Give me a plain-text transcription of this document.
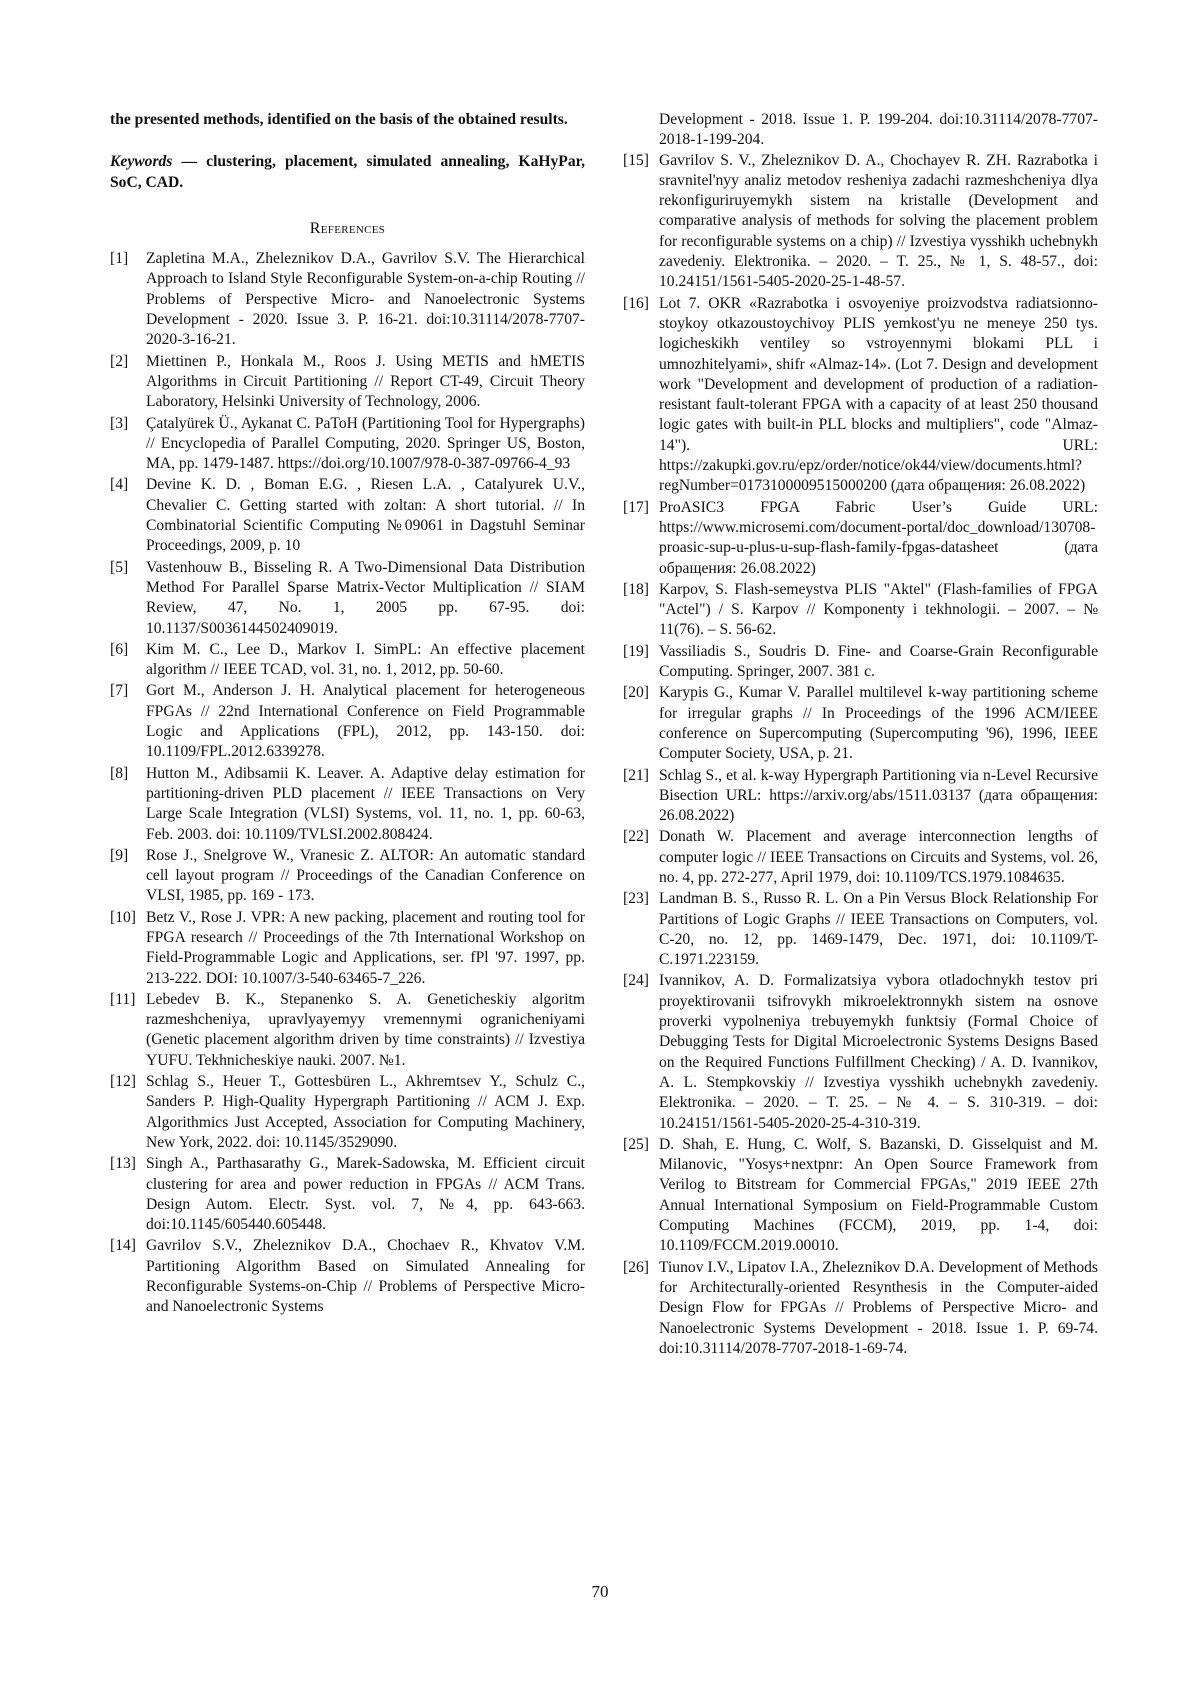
the presented methods, identified on the basis of the obtained results.

Keywords — clustering, placement, simulated annealing, KaHyPar, SoC, CAD.

References
[1]	Zapletina M.A., Zheleznikov D.A., Gavrilov S.V. The Hierarchical Approach to Island Style Reconfigurable System-on-a-chip Routing // Problems of Perspective Micro- and Nanoelectronic Systems Development - 2020. Issue 3. P. 16-21. doi:10.31114/2078-7707-2020-3-16-21.
[2]	Miettinen P., Honkala M., Roos J. Using METIS and hMETIS Algorithms in Circuit Partitioning // Report CT-49, Circuit Theory Laboratory, Helsinki University of Technology, 2006.
[3]	Çatalyürek Ü., Aykanat C. PaToH (Partitioning Tool for Hypergraphs) // Encyclopedia of Parallel Computing, 2020. Springer US, Boston, MA, pp. 1479-1487. https://doi.org/10.1007/978-0-387-09766-4_93
[4]	Devine K. D. , Boman E.G. , Riesen L.A. , Catalyurek U.V., Chevalier C. Getting started with zoltan: A short tutorial. // In Combinatorial Scientific Computing №09061 in Dagstuhl Seminar Proceedings, 2009, p. 10
[5]	Vastenhouw B., Bisseling R. A Two-Dimensional Data Distribution Method For Parallel Sparse Matrix-Vector Multiplication // SIAM Review, 47, No. 1, 2005 pp. 67-95. doi: 10.1137/S0036144502409019.
[6]	Kim M. C., Lee D., Markov I. SimPL: An effective placement algorithm // IEEE TCAD, vol. 31, no. 1, 2012, pp. 50-60.
[7]	Gort M., Anderson J. H. Analytical placement for heterogeneous FPGAs // 22nd International Conference on Field Programmable Logic and Applications (FPL), 2012, pp. 143-150. doi: 10.1109/FPL.2012.6339278.
[8]	Hutton M., Adibsamii K. Leaver. A. Adaptive delay estimation for partitioning-driven PLD placement // IEEE Transactions on Very Large Scale Integration (VLSI) Systems, vol. 11, no. 1, pp. 60-63, Feb. 2003. doi: 10.1109/TVLSI.2002.808424.
[9]	Rose J., Snelgrove W., Vranesic Z. ALTOR: An automatic standard cell layout program // Proceedings of the Canadian Conference on VLSI, 1985, pp. 169 - 173.
[10] Betz V., Rose J. VPR: A new packing, placement and routing tool for FPGA research // Proceedings of the 7th International Workshop on Field-Programmable Logic and Applications, ser. fPl '97. 1997, pp. 213-222. DOI: 10.1007/3-540-63465-7_226.
[11] Lebedev B. K., Stepanenko S. A. Geneticheskiy algoritm razmeshcheniya, upravlyayemyy vremennymi ogranicheniyami (Genetic placement algorithm driven by time constraints) // Izvestiya YUFU. Tekhnicheskiye nauki. 2007. №1.
[12] Schlag S., Heuer T., Gottesbüren L., Akhremtsev Y., Schulz C., Sanders P. High-Quality Hypergraph Partitioning // ACM J. Exp. Algorithmics Just Accepted, Association for Computing Machinery, New York, 2022. doi: 10.1145/3529090.
[13] Singh A., Parthasarathy G., Marek-Sadowska, M. Efficient circuit clustering for area and power reduction in FPGAs // ACM Trans. Design Autom. Electr. Syst. vol. 7, №4, pp. 643-663. doi:10.1145/605440.605448.
[14] Gavrilov S.V., Zheleznikov D.A., Chochaev R., Khvatov V.M. Partitioning Algorithm Based on Simulated Annealing for Reconfigurable Systems-on-Chip // Problems of Perspective Micro- and Nanoelectronic Systems
Development - 2018. Issue 1. P. 199-204. doi:10.31114/2078-7707-2018-1-199-204.
[15] Gavrilov S. V., Zheleznikov D. A., Chochayev R. ZH. Razrabotka i sravnitel'nyy analiz metodov resheniya zadachi razmeshcheniya dlya rekonfiguriruyemykh sistem na kristalle (Development and comparative analysis of methods for solving the placement problem for reconfigurable systems on a chip) // Izvestiya vysshikh uchebnykh zavedeniy. Elektronika. – 2020. – T. 25., № 1, S. 48-57., doi: 10.24151/1561-5405-2020-25-1-48-57.
[16] Lot 7. OKR «Razrabotka i osvoyeniye proizvodstva radiatsionno-stoykoy otkazoustoychivoy PLIS yemkost'yu ne meneye 250 tys. logicheskikh ventiley so vstroyennymi blokami PLL i umnozhitelyami», shifr «Almaz-14». (Lot 7. Design and development work "Development and development of production of a radiation-resistant fault-tolerant FPGA with a capacity of at least 250 thousand logic gates with built-in PLL blocks and multipliers", code "Almaz-14"). URL: https://zakupki.gov.ru/epz/order/notice/ok44/view/documents.html?regNumber=0173100009515000200 (дата обращения: 26.08.2022)
[17] ProASIC3 FPGA Fabric User’s Guide URL: https://www.microsemi.com/document-portal/doc_download/130708-proasic-sup-u-plus-u-sup-flash-family-fpgas-datasheet (дата обращения: 26.08.2022)
[18] Karpov, S. Flash-semeystva PLIS "Aktel" (Flash-families of FPGA "Actel") / S. Karpov // Komponenty i tekhnologii. – 2007. – № 11(76). – S. 56-62.
[19] Vassiliadis S., Soudris D. Fine- and Coarse-Grain Reconfigurable Computing. Springer, 2007. 381 c.
[20] Karypis G., Kumar V. Parallel multilevel k-way partitioning scheme for irregular graphs // In Proceedings of the 1996 ACM/IEEE conference on Supercomputing (Supercomputing '96), 1996, IEEE Computer Society, USA, p. 21.
[21] Schlag S., et al. k-way Hypergraph Partitioning via n-Level Recursive Bisection URL: https://arxiv.org/abs/1511.03137 (дата обращения: 26.08.2022)
[22] Donath W. Placement and average interconnection lengths of computer logic // IEEE Transactions on Circuits and Systems, vol. 26, no. 4, pp. 272-277, April 1979, doi: 10.1109/TCS.1979.1084635.
[23] Landman B. S., Russo R. L. On a Pin Versus Block Relationship For Partitions of Logic Graphs // IEEE Transactions on Computers, vol. C-20, no. 12, pp. 1469-1479, Dec. 1971, doi: 10.1109/T-C.1971.223159.
[24] Ivannikov, A. D. Formalizatsiya vybora otladochnykh testov pri proyektirovanii tsifrovykh mikroelektronnykh sistem na osnove proverki vypolneniya trebuyemykh funktsiy (Formal Choice of Debugging Tests for Digital Microelectronic Systems Designs Based on the Required Functions Fulfillment Checking) / A. D. Ivannikov, A. L. Stempkovskiy // Izvestiya vysshikh uchebnykh zavedeniy. Elektronika. – 2020. – T. 25. – № 4. – S. 310-319. – doi: 10.24151/1561-5405-2020-25-4-310-319.
[25] D. Shah, E. Hung, C. Wolf, S. Bazanski, D. Gisselquist and M. Milanovic, "Yosys+nextpnr: An Open Source Framework from Verilog to Bitstream for Commercial FPGAs," 2019 IEEE 27th Annual International Symposium on Field-Programmable Custom Computing Machines (FCCM), 2019, pp. 1-4, doi: 10.1109/FCCM.2019.00010.
[26] Tiunov I.V., Lipatov I.A., Zheleznikov D.A. Development of Methods for Architecturally-oriented Resynthesis in the Computer-aided Design Flow for FPGAs // Problems of Perspective Micro- and Nanoelectronic Systems Development - 2018. Issue 1. P. 69-74. doi:10.31114/2078-7707-2018-1-69-74.
70
